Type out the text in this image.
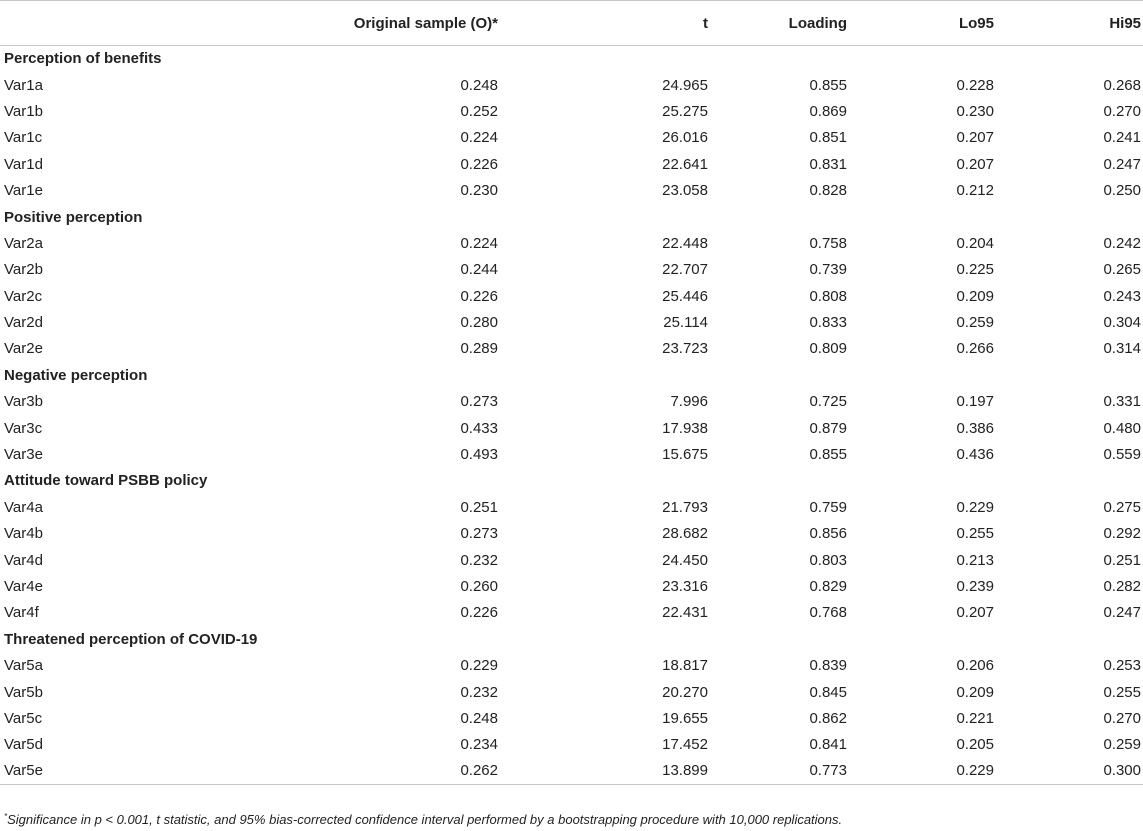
	Original sample (O)*	t	Loading	Lo95	Hi95
Perception of benefits					
Var1a	0.248	24.965	0.855	0.228	0.268
Var1b	0.252	25.275	0.869	0.230	0.270
Var1c	0.224	26.016	0.851	0.207	0.241
Var1d	0.226	22.641	0.831	0.207	0.247
Var1e	0.230	23.058	0.828	0.212	0.250
Positive perception					
Var2a	0.224	22.448	0.758	0.204	0.242
Var2b	0.244	22.707	0.739	0.225	0.265
Var2c	0.226	25.446	0.808	0.209	0.243
Var2d	0.280	25.114	0.833	0.259	0.304
Var2e	0.289	23.723	0.809	0.266	0.314
Negative perception					
Var3b	0.273	7.996	0.725	0.197	0.331
Var3c	0.433	17.938	0.879	0.386	0.480
Var3e	0.493	15.675	0.855	0.436	0.559
Attitude toward PSBB policy					
Var4a	0.251	21.793	0.759	0.229	0.275
Var4b	0.273	28.682	0.856	0.255	0.292
Var4d	0.232	24.450	0.803	0.213	0.251
Var4e	0.260	23.316	0.829	0.239	0.282
Var4f	0.226	22.431	0.768	0.207	0.247
Threatened perception of COVID-19					
Var5a	0.229	18.817	0.839	0.206	0.253
Var5b	0.232	20.270	0.845	0.209	0.255
Var5c	0.248	19.655	0.862	0.221	0.270
Var5d	0.234	17.452	0.841	0.205	0.259
Var5e	0.262	13.899	0.773	0.229	0.300
*Significance in p < 0.001, t statistic, and 95% bias-corrected confidence interval performed by a bootstrapping procedure with 10,000 replications.
